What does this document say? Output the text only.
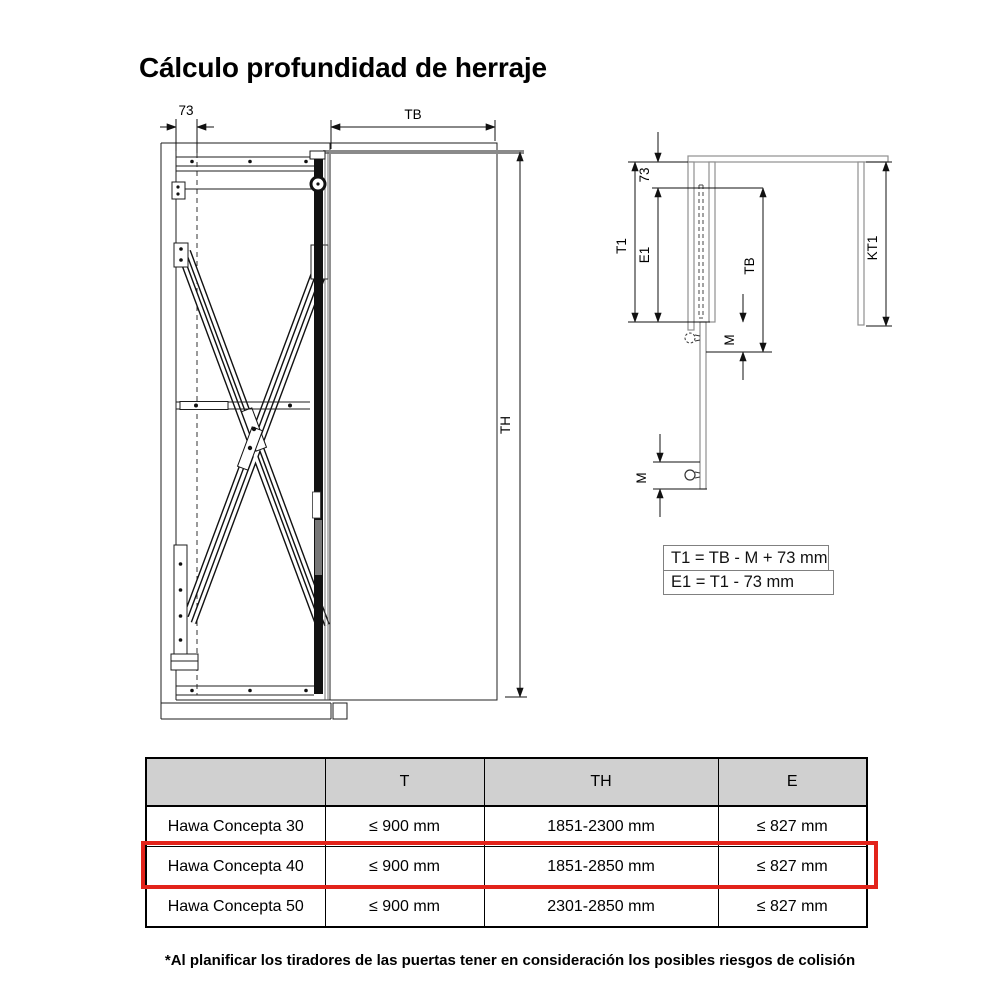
Cálculo profundidad de herraje
73	TB
TH
T1
73
E1
TB
KT1
M
M
T1 = TB - M + 73 mm
E1 = T1 - 73 mm
	T	TH	E
Hawa Concepta 30	≤ 900 mm	1851-2300 mm	≤ 827 mm
Hawa Concepta 40	≤ 900 mm	1851-2850 mm	≤ 827 mm
Hawa Concepta 50	≤ 900 mm	2301-2850 mm	≤ 827 mm
*Al planificar los tiradores de las puertas tener en consideración los posibles riesgos de colisión
